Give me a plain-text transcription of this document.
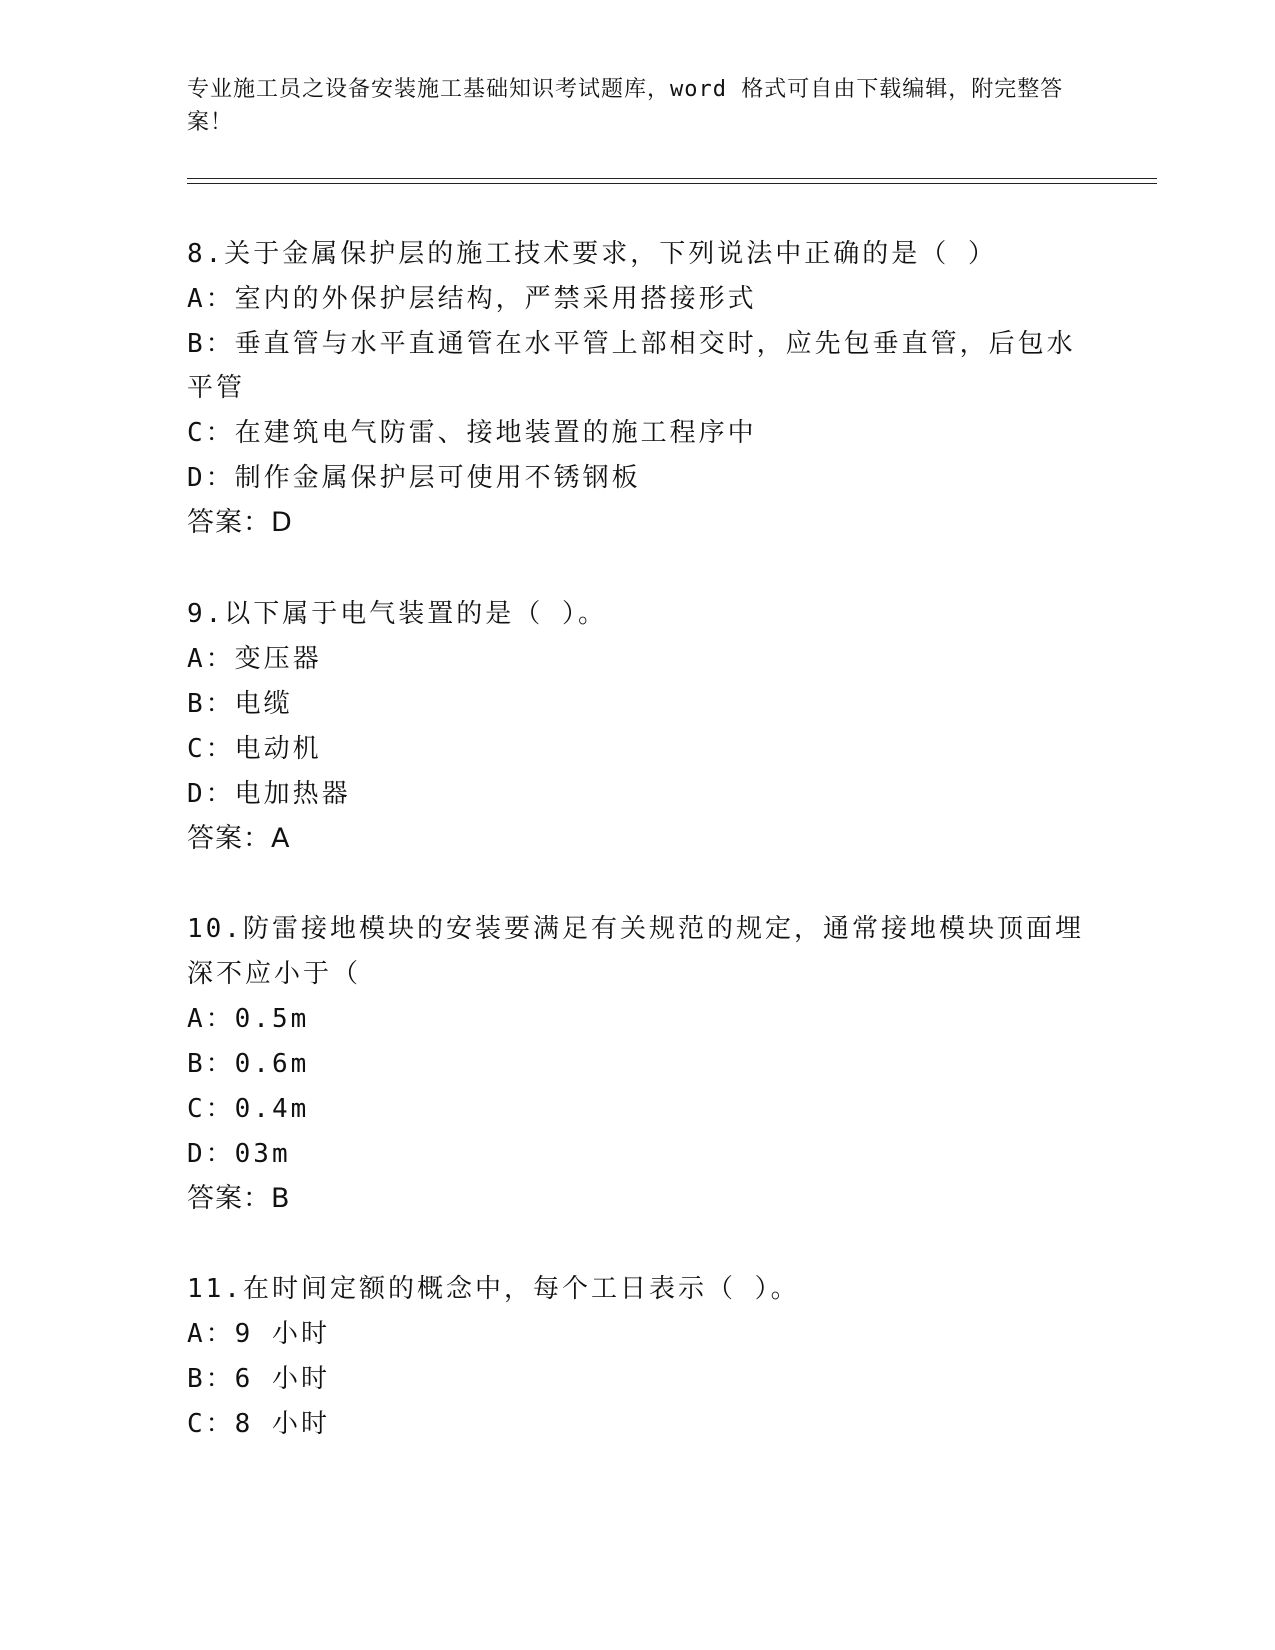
专业施工员之设备安装施工基础知识考试题库，word 格式可自由下载编辑，附完整答案！
8.关于金属保护层的施工技术要求，下列说法中正确的是（ ）
A：室内的外保护层结构，严禁采用搭接形式
B：垂直管与水平直通管在水平管上部相交时，应先包垂直管，后包水
平管
C：在建筑电气防雷、接地装置的施工程序中
D：制作金属保护层可使用不锈钢板
答案：D
9.以下属于电气装置的是（ ）。
A：变压器
B：电缆
C：电动机
D：电加热器
答案：A
10.防雷接地模块的安装要满足有关规范的规定，通常接地模块顶面埋
深不应小于（
A：0.5m
B：0.6m
C：0.4m
D：03m
答案：B
11.在时间定额的概念中，每个工日表示（ ）。
A：9 小时
B：6 小时
C：8 小时
